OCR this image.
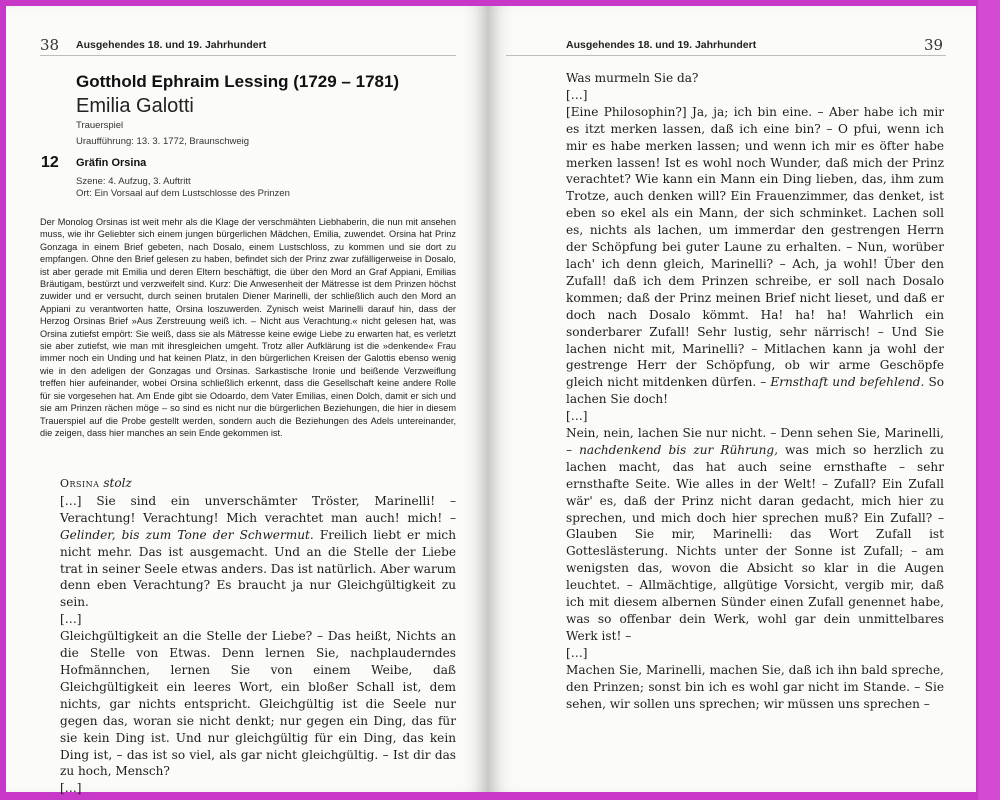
38 Ausgehendes 18. und 19. Jahrhundert
Gotthold Ephraim Lessing (1729 – 1781)
Emilia Galotti
Trauerspiel
Uraufführung: 13. 3. 1772, Braunschweig
12 Gräfin Orsina
Szene: 4. Aufzug, 3. Auftritt
Ort: Ein Vorsaal auf dem Lustschlosse des Prinzen
Der Monolog Orsinas ist weit mehr als die Klage der verschmähten Liebhaberin, die nun mit ansehen muss, wie ihr Geliebter sich einem jungen bürgerlichen Mädchen, Emilia, zuwendet. Orsina hat Prinz Gonzaga in einem Brief gebeten, nach Dosalo, einem Lustschloss, zu kommen und sie dort zu empfangen. Ohne den Brief gelesen zu haben, befindet sich der Prinz zwar zufälligerweise in Dosalo, ist aber gerade mit Emilia und deren Eltern beschäftigt, die über den Mord an Graf Appiani, Emilias Bräutigam, bestürzt und verzweifelt sind. Kurz: Die Anwesenheit der Mätresse ist dem Prinzen höchst zuwider und er versucht, durch seinen brutalen Diener Marinelli, der schließlich auch den Mord an Appiani zu verantworten hatte, Orsina loszuwerden. Zynisch weist Marinelli darauf hin, dass der Herzog Orsinas Brief »Aus Zerstreuung weiß ich. – Nicht aus Verachtung.« nicht gelesen hat, was Orsina zutiefst empört: Sie weiß, dass sie als Mätresse keine ewige Liebe zu erwarten hat, es verletzt sie aber zutiefst, wie man mit ihresgleichen umgeht. Trotz aller Aufklärung ist die »denkende« Frau immer noch ein Unding und hat keinen Platz, in den bürgerlichen Kreisen der Galottis ebenso wenig wie in den adeligen der Gonzagas und Orsinas. Sarkastische Ironie und beißende Verzweiflung treffen hier aufeinander, wobei Orsina schließlich erkennt, dass die Gesellschaft keine andere Rolle für sie vorgesehen hat. Am Ende gibt sie Odoardo, dem Vater Emilias, einen Dolch, damit er sich und sie am Prinzen rächen möge – so sind es nicht nur die bürgerlichen Beziehungen, die hier in diesem Trauerspiel auf die Probe gestellt werden, sondern auch die Beziehungen des Adels untereinander, die zeigen, dass hier manches an sein Ende gekommen ist.

Orsina stolz

[…] Sie sind ein unverschämter Tröster, Marinelli! – Verachtung! Verachtung! Mich verachtet man auch! mich! – Gelinder, bis zum Tone der Schwermut. Freilich liebt er mich nicht mehr. Das ist ausgemacht. Und an die Stelle der Liebe trat in seiner Seele etwas anders. Das ist natürlich. Aber warum denn eben Verachtung? Es braucht ja nur Gleichgültigkeit zu sein.

[…]

Gleichgültigkeit an die Stelle der Liebe? – Das heißt, Nichts an die Stelle von Etwas. Denn lernen Sie, nachplauderndes Hofmännchen, lernen Sie von einem Weibe, daß Gleichgültigkeit ein leeres Wort, ein bloßer Schall ist, dem nichts, gar nichts entspricht. Gleichgültig ist die Seele nur gegen das, woran sie nicht denkt; nur gegen ein Ding, das für sie kein Ding ist. Und nur gleichgültig für ein Ding, das kein Ding ist, – das ist so viel, als gar nicht gleichgültig. – Ist dir das zu hoch, Mensch?

[…]

Ausgehendes 18. und 19. Jahrhundert	39

Was murmeln Sie da?

[…]

[Eine Philosophin?] Ja, ja; ich bin eine. – Aber habe ich mir es itzt merken lassen, daß ich eine bin? – O pfui, wenn ich mir es habe merken lassen; und wenn ich mir es öfter habe merken lassen! Ist es wohl noch Wunder, daß mich der Prinz verachtet? Wie kann ein Mann ein Ding lieben, das, ihm zum Trotze, auch denken will? Ein Frauenzimmer, das denket, ist eben so ekel als ein Mann, der sich schminket. Lachen soll es, nichts als lachen, um immerdar den gestrengen Herrn der Schöpfung bei guter Laune zu erhalten. – Nun, worüber lach' ich denn gleich, Marinelli? – Ach, ja wohl! Über den Zufall! daß ich dem Prinzen schreibe, er soll nach Dosalo kommen; daß der Prinz meinen Brief nicht lieset, und daß er doch nach Dosalo kömmt. Ha! ha! ha! Wahrlich ein sonderbarer Zufall! Sehr lustig, sehr närrisch! – Und Sie lachen nicht mit, Marinelli? – Mitlachen kann ja wohl der gestrenge Herr der Schöpfung, ob wir arme Geschöpfe gleich nicht mitdenken dürfen. – Ernsthaft und befehlend. So lachen Sie doch!

[…]

Nein, nein, lachen Sie nur nicht. – Denn sehen Sie, Marinelli, – nachdenkend bis zur Rührung, was mich so herzlich zu lachen macht, das hat auch seine ernsthafte – sehr ernsthafte Seite. Wie alles in der Welt! – Zufall? Ein Zufall wär' es, daß der Prinz nicht daran gedacht, mich hier zu sprechen, und mich doch hier sprechen muß? Ein Zufall? – Glauben Sie mir, Marinelli: das Wort Zufall ist Gotteslästerung. Nichts unter der Sonne ist Zufall; – am wenigsten das, wovon die Absicht so klar in die Augen leuchtet. – Allmächtige, allgütige Vorsicht, vergib mir, daß ich mit diesem albernen Sünder einen Zufall genennet habe, was so offenbar dein Werk, wohl gar dein unmittelbares Werk ist! –

[…]

Machen Sie, Marinelli, machen Sie, daß ich ihn bald spreche, den Prinzen; sonst bin ich es wohl gar nicht im Stande. – Sie sehen, wir sollen uns sprechen; wir müssen uns sprechen –
